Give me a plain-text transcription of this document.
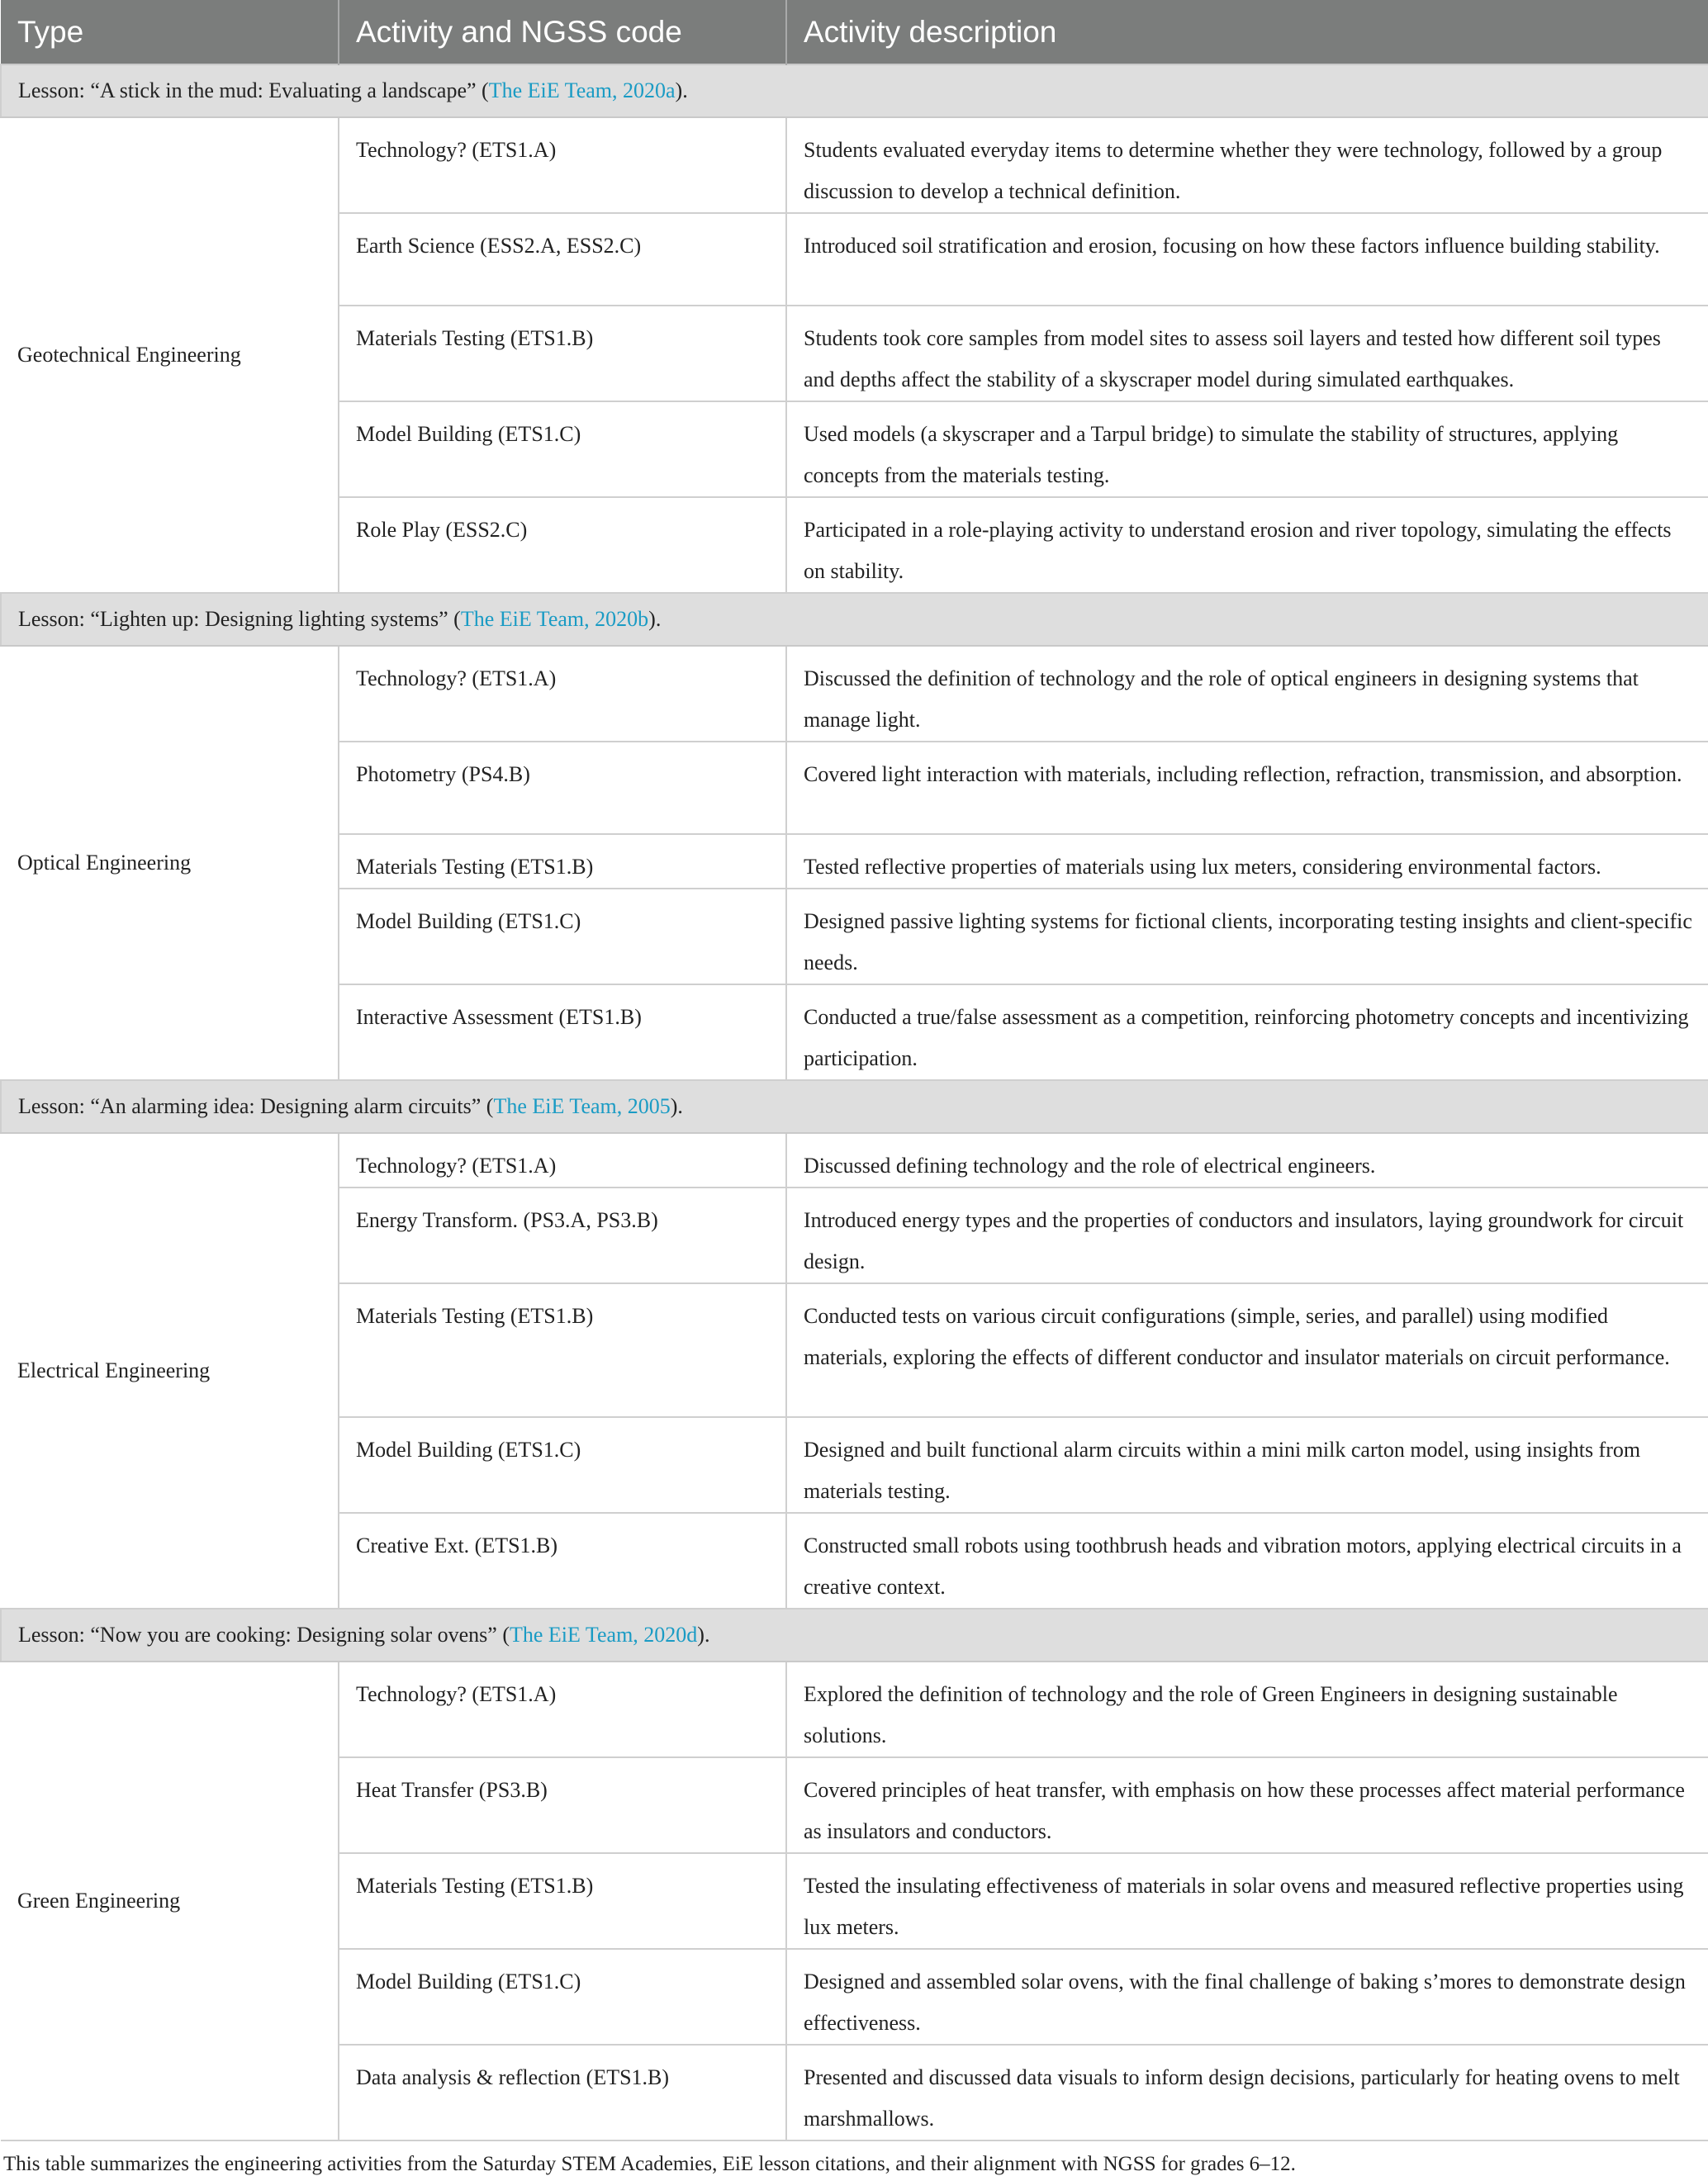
Type	Activity and NGSS code	Activity description
Lesson: “A stick in the mud: Evaluating a landscape” (The EiE Team, 2020a).		
Geotechnical Engineering	Technology? (ETS1.A)	Students evaluated everyday items to determine whether they were technology, followed by a group discussion to develop a technical definition.
	Earth Science (ESS2.A, ESS2.C)	Introduced soil stratification and erosion, focusing on how these factors influence building stability.
	Materials Testing (ETS1.B)	Students took core samples from model sites to assess soil layers and tested how different soil types and depths affect the stability of a skyscraper model during simulated earthquakes.
	Model Building (ETS1.C)	Used models (a skyscraper and a Tarpul bridge) to simulate the stability of structures, applying concepts from the materials testing.
	Role Play (ESS2.C)	Participated in a role-playing activity to understand erosion and river topology, simulating the effects on stability.
Lesson: “Lighten up: Designing lighting systems” (The EiE Team, 2020b).		
Optical Engineering	Technology? (ETS1.A)	Discussed the definition of technology and the role of optical engineers in designing systems that manage light.
	Photometry (PS4.B)	Covered light interaction with materials, including reflection, refraction, transmission, and absorption.
	Materials Testing (ETS1.B)	Tested reflective properties of materials using lux meters, considering environmental factors.
	Model Building (ETS1.C)	Designed passive lighting systems for fictional clients, incorporating testing insights and client-specific needs.
	Interactive Assessment (ETS1.B)	Conducted a true/false assessment as a competition, reinforcing photometry concepts and incentivizing participation.
Lesson: “An alarming idea: Designing alarm circuits” (The EiE Team, 2005).		
Electrical Engineering	Technology? (ETS1.A)	Discussed defining technology and the role of electrical engineers.
	Energy Transform. (PS3.A, PS3.B)	Introduced energy types and the properties of conductors and insulators, laying groundwork for circuit design.
	Materials Testing (ETS1.B)	Conducted tests on various circuit configurations (simple, series, and parallel) using modified materials, exploring the effects of different conductor and insulator materials on circuit performance.
	Model Building (ETS1.C)	Designed and built functional alarm circuits within a mini milk carton model, using insights from materials testing.
	Creative Ext. (ETS1.B)	Constructed small robots using toothbrush heads and vibration motors, applying electrical circuits in a creative context.
Lesson: “Now you are cooking: Designing solar ovens” (The EiE Team, 2020d).		
Green Engineering	Technology? (ETS1.A)	Explored the definition of technology and the role of Green Engineers in designing sustainable solutions.
	Heat Transfer (PS3.B)	Covered principles of heat transfer, with emphasis on how these processes affect material performance as insulators and conductors.
	Materials Testing (ETS1.B)	Tested the insulating effectiveness of materials in solar ovens and measured reflective properties using lux meters.
	Model Building (ETS1.C)	Designed and assembled solar ovens, with the final challenge of baking s’mores to demonstrate design effectiveness.
	Data analysis & reflection (ETS1.B)	Presented and discussed data visuals to inform design decisions, particularly for heating ovens to melt marshmallows.
This table summarizes the engineering activities from the Saturday STEM Academies, EiE lesson citations, and their alignment with NGSS for grades 6–12.
